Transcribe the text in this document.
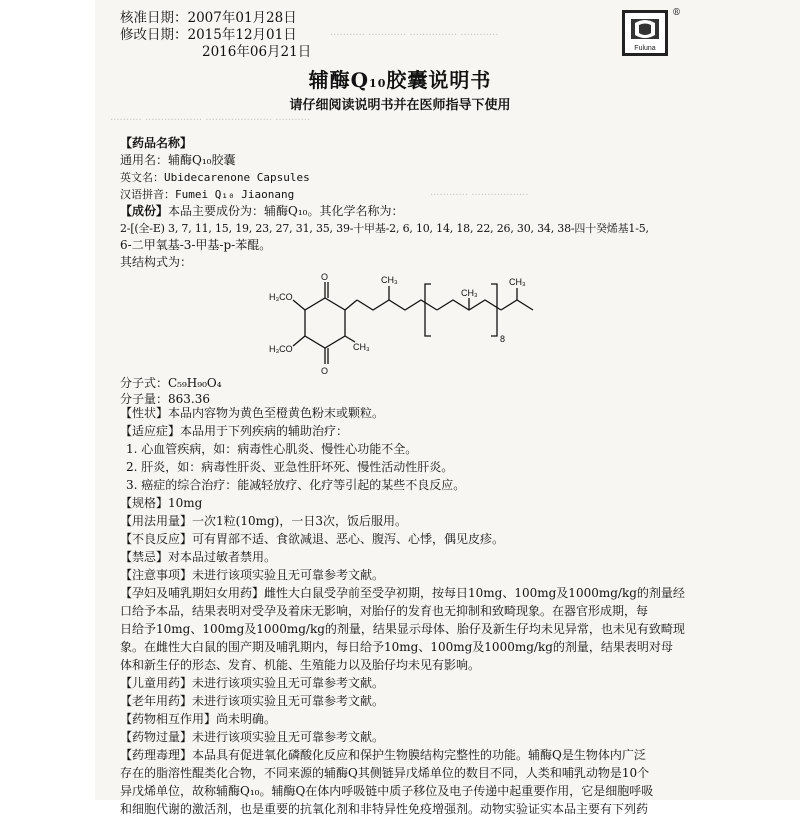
··········· ············ ··············· ············
·········· ·················· ····················· ···········
············ ··················
核准日期：2007年01月28日
修改日期：2015年12月01日
2016年06月21日	Fuluna
®
辅酶Q10胶囊说明书
请仔细阅读说明书并在医师指导下使用

【药品名称】

通用名：辅酶Q₁₀胶囊

英文名：Ubidecarenone Capsules

汉语拼音：Fumei Q₁₀ Jiaonang

【成份】本品主要成份为：辅酶Q₁₀。其化学名称为：

2-[(全-E) 3, 7, 11, 15, 19, 23, 27, 31, 35, 39-十甲基-2, 6, 10, 14, 18, 22, 26, 30, 34, 38-四十癸烯基1-5,

6-二甲氧基-3-甲基-p-苯醌。

其结构式为：

O
O
H₃CO
H₃CO	CH₃
CH₃
CH₃
CH₃
8
分子式：C₅₉H₉₀O₄
分子量：863.36

【性状】本品内容物为黄色至橙黄色粉末或颗粒。

【适应症】本品用于下列疾病的辅助治疗：

1. 心血管疾病，如：病毒性心肌炎、慢性心功能不全。

2. 肝炎，如：病毒性肝炎、亚急性肝坏死、慢性活动性肝炎。

3. 癌症的综合治疗：能减轻放疗、化疗等引起的某些不良反应。

【规格】10mg

【用法用量】一次1粒(10mg)，一日3次，饭后服用。

【不良反应】可有胃部不适、食欲减退、恶心、腹泻、心悸，偶见皮疹。

【禁忌】对本品过敏者禁用。

【注意事项】未进行该项实验且无可靠参考文献。

【孕妇及哺乳期妇女用药】雌性大白鼠受孕前至受孕初期，按每日10mg、100mg及1000mg/kg的剂量经

口给予本品，结果表明对受孕及着床无影响，对胎仔的发育也无抑制和致畸现象。在器官形成期，每

日给予10mg、100mg及1000mg/kg的剂量，结果显示母体、胎仔及新生仔均未见异常，也未见有致畸现

象。在雌性大白鼠的围产期及哺乳期内，每日给予10mg、100mg及1000mg/kg的剂量，结果表明对母

体和新生仔的形态、发育、机能、生殖能力以及胎仔均未见有影响。

【儿童用药】未进行该项实验且无可靠参考文献。

【老年用药】未进行该项实验且无可靠参考文献。

【药物相互作用】尚未明确。

【药物过量】未进行该项实验且无可靠参考文献。

【药理毒理】本品具有促进氧化磷酸化反应和保护生物膜结构完整性的功能。辅酶Q是生物体内广泛

存在的脂溶性醌类化合物，不同来源的辅酶Q其侧链异戊烯单位的数目不同，人类和哺乳动物是10个

异戊烯单位，故称辅酶Q₁₀。辅酶Q在体内呼吸链中质子移位及电子传递中起重要作用，它是细胞呼吸

和细胞代谢的激活剂，也是重要的抗氧化剂和非特异性免疫增强剂。动物实验证实本品主要有下列药
